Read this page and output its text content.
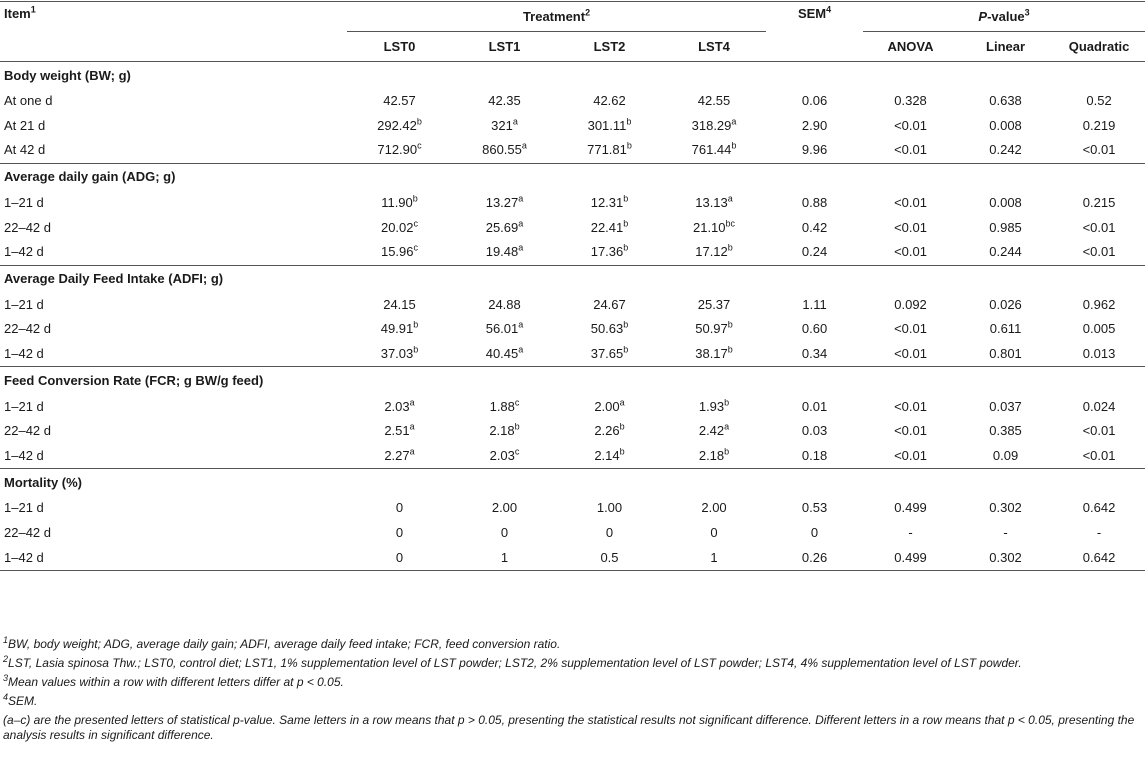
Item$^1$	Treatment$^2$				SEM$^4$	P-value$^3$
	LST0	LST1	LST2	LST4		ANOVA	Linear	Quadratic
Body weight (BW; g)								
At one d	42.57	42.35	42.62	42.55	0.06	0.328	0.638	0.52
At 21 d	292.42$^b$	321$^a$	301.11$^b$	318.29$^a$	2.90	<0.01	0.008	0.219
At 42 d	712.90$^c$	860.55$^a$	771.81$^b$	761.44$^b$	9.96	<0.01	0.242	<0.01
Average daily gain (ADG; g)								
1–21 d	11.90$^b$	13.27$^a$	12.31$^b$	13.13$^a$	0.88	<0.01	0.008	0.215
22–42 d	20.02$^c$	25.69$^a$	22.41$^b$	21.10$^{bc}$	0.42	<0.01	0.985	<0.01
1–42 d	15.96$^c$	19.48$^a$	17.36$^b$	17.12$^b$	0.24	<0.01	0.244	<0.01
Average Daily Feed Intake (ADFI; g)								
1–21 d	24.15	24.88	24.67	25.37	1.11	0.092	0.026	0.962
22–42 d	49.91$^b$	56.01$^a$	50.63$^b$	50.97$^b$	0.60	<0.01	0.611	0.005
1–42 d	37.03$^b$	40.45$^a$	37.65$^b$	38.17$^b$	0.34	<0.01	0.801	0.013
Feed Conversion Rate (FCR; g BW/g feed)								
1–21 d	2.03$^a$	1.88$^c$	2.00$^a$	1.93$^b$	0.01	<0.01	0.037	0.024
22–42 d	2.51$^a$	2.18$^b$	2.26$^b$	2.42$^a$	0.03	<0.01	0.385	<0.01
1–42 d	2.27$^a$	2.03$^c$	2.14$^b$	2.18$^b$	0.18	<0.01	0.09	<0.01
Mortality (%)								
1–21 d	0	2.00	1.00	2.00	0.53	0.499	0.302	0.642
22–42 d	0	0	0	0	0	-	-	-
1–42 d	0	1	0.5	1	0.26	0.499	0.302	0.642

$^1$BW, body weight; ADG, average daily gain; ADFI, average daily feed intake; FCR, feed conversion ratio.

$^2$LST, Lasia spinosa Thw.; LST0, control diet; LST1, 1% supplementation level of LST powder; LST2, 2% supplementation level of LST powder; LST4, 4% supplementation level of LST powder.

$^3$Mean values within a row with different letters differ at p < 0.05.

$^4$SEM.

(a–c) are the presented letters of statistical p-value. Same letters in a row means that p > 0.05, presenting the statistical results not significant difference. Different letters in a row means that p < 0.05, presenting the analysis results in significant difference.
